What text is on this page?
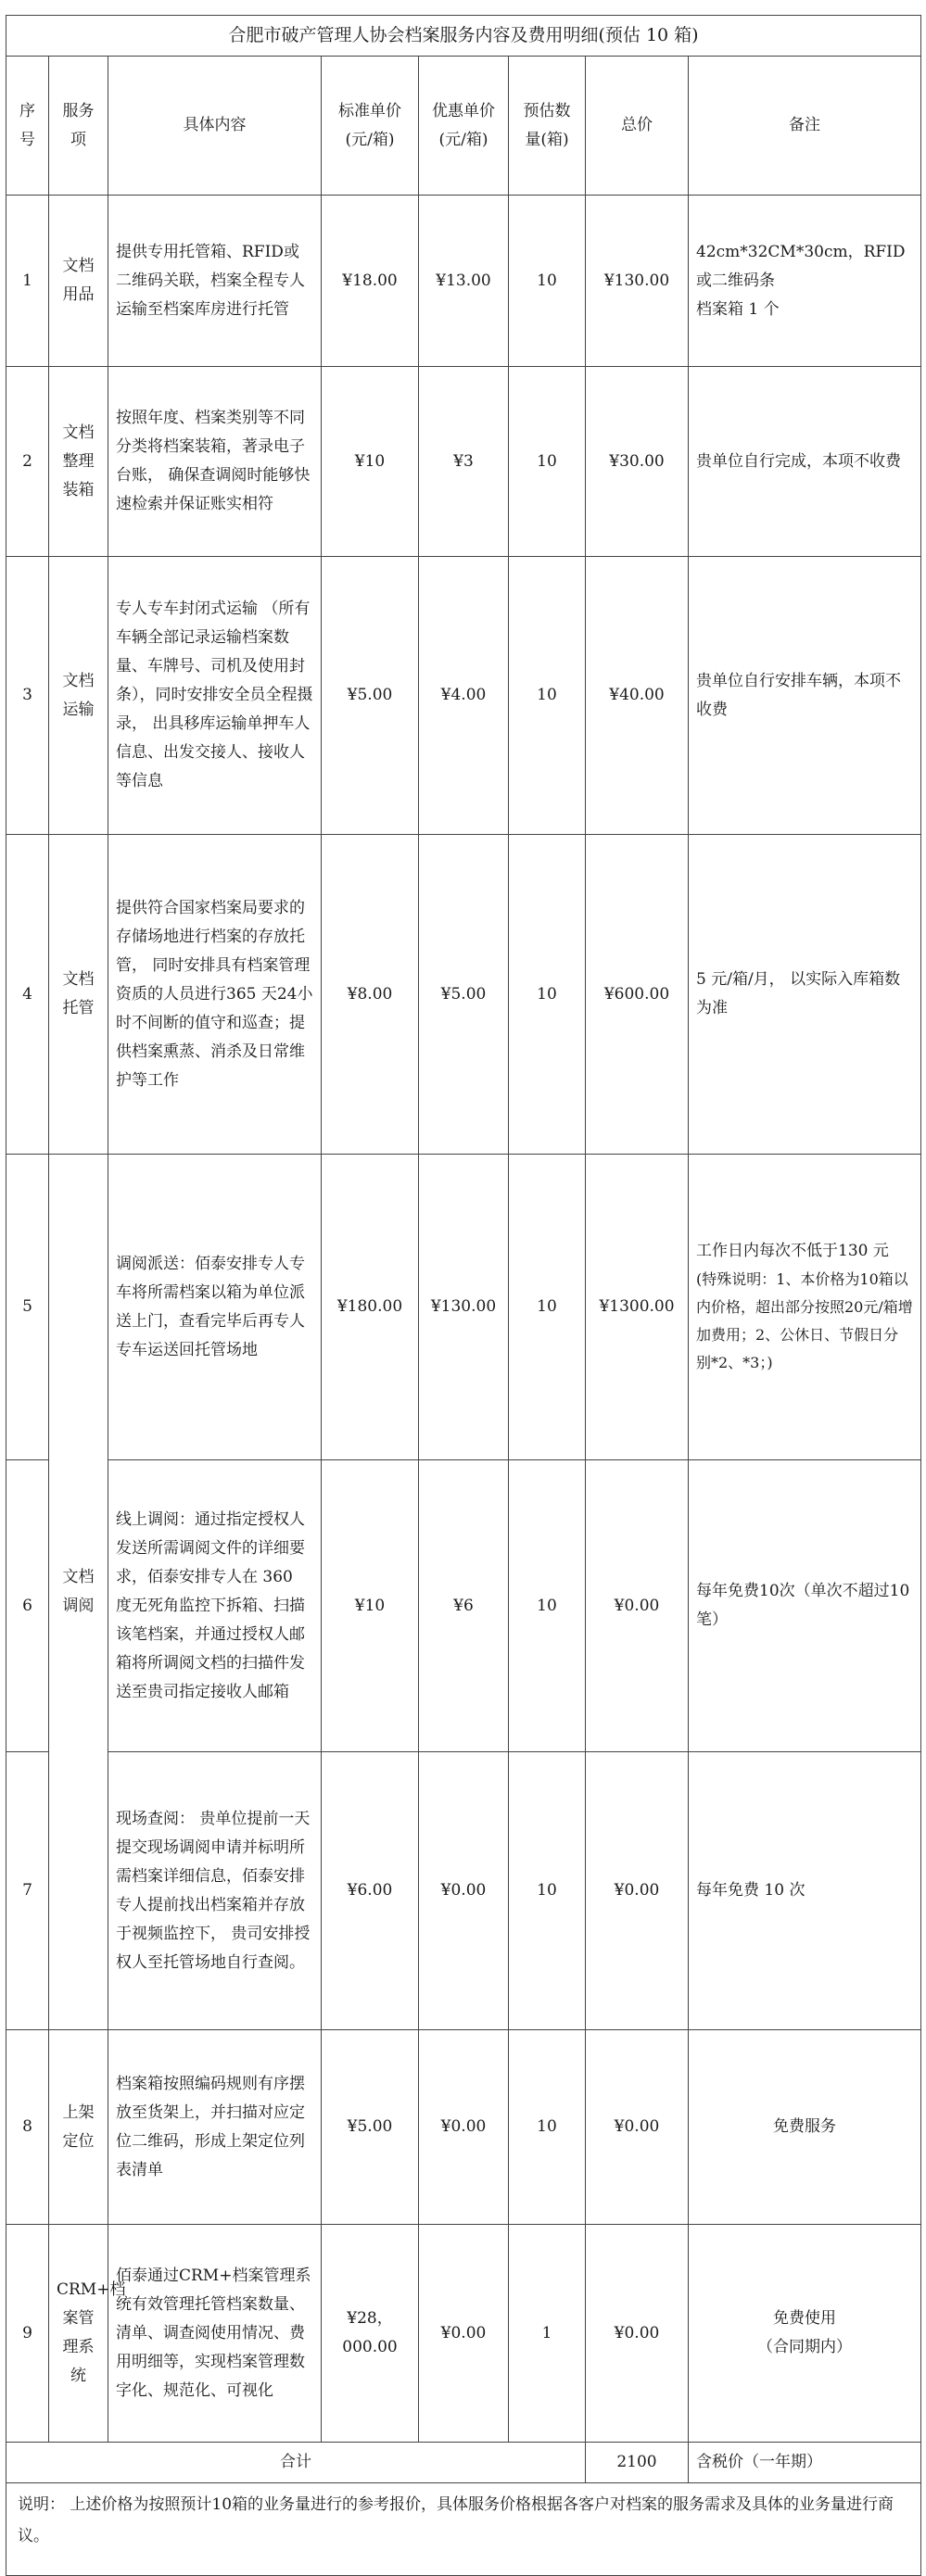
合肥市破产管理人协会档案服务内容及费用明细(预估 10 箱)							
序号	服务项	具体内容	标准单价(元/箱)	优惠单价(元/箱)	预估数量(箱)	总价	备注
1	文档用品	提供专用托管箱、RFID或二维码关联，档案全程专人运输至档案库房进行托管	¥18.00	¥13.00	10	¥130.00	42cm*32CM*30cm，RFID或二维码条
档案箱 1 个

2	文档整理装箱	按照年度、档案类别等不同分类将档案装箱，著录电子台账， 确保查调阅时能够快速检索并保证账实相符	¥10	¥3	10	¥30.00	贵单位自行完成，本项不收费

3	文档运输	专人专车封闭式运输 （所有车辆全部记录运输档案数量、车牌号、司机及使用封条），同时安排安全员全程摄录， 出具移库运输单押车人信息、出发交接人、接收人等信息	¥5.00	¥4.00	10	¥40.00	贵单位自行安排车辆，本项不收费

4	文档托管	提供符合国家档案局要求的存储场地进行档案的存放托管， 同时安排具有档案管理资质的人员进行365 天24小时不间断的值守和巡查；提供档案熏蒸、消杀及日常维护等工作	¥8.00	¥5.00	10	¥600.00	5 元/箱/月， 以实际入库箱数为准

5	文档调阅	调阅派送：佰泰安排专人专车将所需档案以箱为单位派送上门，查看完毕后再专人专车运送回托管场地	¥180.00	¥130.00	10	¥1300.00	工作日内每次不低于130 元
(特殊说明：1、本价格为10箱以内价格，超出部分按照20元/箱增加费用；2、公休日、节假日分别*2、*3；)

6		线上调阅：通过指定授权人发送所需调阅文件的详细要求，佰泰安排专人在 360 度无死角监控下拆箱、扫描该笔档案，并通过授权人邮箱将所调阅文档的扫描件发送至贵司指定接收人邮箱	¥10	¥6	10	¥0.00	每年免费10次（单次不超过10笔）

7		现场查阅： 贵单位提前一天提交现场调阅申请并标明所需档案详细信息，佰泰安排专人提前找出档案箱并存放于视频监控下， 贵司安排授权人至托管场地自行查阅。	¥6.00	¥0.00	10	¥0.00	每年免费 10 次

8	上架定位	档案箱按照编码规则有序摆放至货架上，并扫描对应定位二维码，形成上架定位列表清单	¥5.00	¥0.00	10	¥0.00	免费服务

9	CRM+档案管理系统	佰泰通过CRM+档案管理系统有效管理托管档案数量、清单、调查阅使用情况、费用明细等，实现档案管理数字化、规范化、可视化	¥28，000.00	¥0.00	1	¥0.00	免费使用
（合同期内）

合计						2100	含税价（一年期）
说明： 上述价格为按照预计10箱的业务量进行的参考报价，具体服务价格根据各客户对档案的服务需求及具体的业务量进行商议。							
